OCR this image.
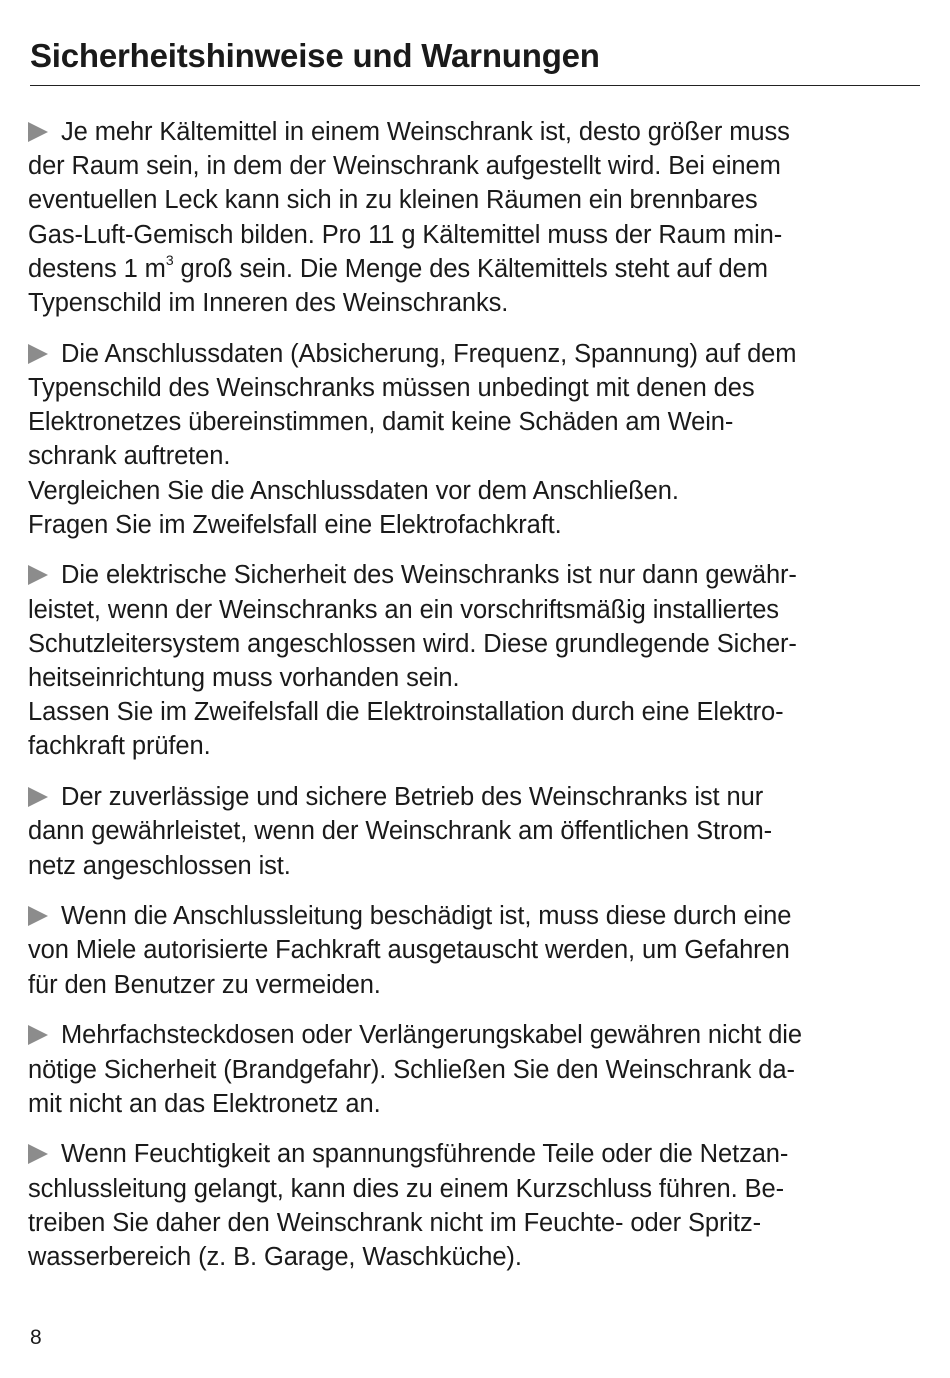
Sicherheitshinweise und Warnungen
Je mehr Kältemittel in einem Weinschrank ist, desto größer muss
der Raum sein, in dem der Weinschrank aufgestellt wird. Bei einem
eventuellen Leck kann sich in zu kleinen Räumen ein brennbares
Gas-Luft-Gemisch bilden. Pro 11 g Kältemittel muss der Raum min-
destens 1 $m^3$ groß sein. Die Menge des Kältemittels steht auf dem
Typenschild im Inneren des Weinschranks.
Die Anschlussdaten (Absicherung, Frequenz, Spannung) auf dem
Typenschild des Weinschranks müssen unbedingt mit denen des
Elektronetzes übereinstimmen, damit keine Schäden am Wein-
schrank auftreten.
Vergleichen Sie die Anschlussdaten vor dem Anschließen.
Fragen Sie im Zweifelsfall eine Elektrofachkraft.
Die elektrische Sicherheit des Weinschranks ist nur dann gewähr-
leistet, wenn der Weinschranks an ein vorschriftsmäßig installiertes
Schutzleitersystem angeschlossen wird. Diese grundlegende Sicher-
heitseinrichtung muss vorhanden sein.
Lassen Sie im Zweifelsfall die Elektroinstallation durch eine Elektro-
fachkraft prüfen.
Der zuverlässige und sichere Betrieb des Weinschranks ist nur
dann gewährleistet, wenn der Weinschrank am öffentlichen Strom-
netz angeschlossen ist.
Wenn die Anschlussleitung beschädigt ist, muss diese durch eine
von Miele autorisierte Fachkraft ausgetauscht werden, um Gefahren
für den Benutzer zu vermeiden.
Mehrfachsteckdosen oder Verlängerungskabel gewähren nicht die
nötige Sicherheit (Brandgefahr). Schließen Sie den Weinschrank da-
mit nicht an das Elektronetz an.
Wenn Feuchtigkeit an spannungsführende Teile oder die Netzan-
schlussleitung gelangt, kann dies zu einem Kurzschluss führen. Be-
treiben Sie daher den Weinschrank nicht im Feuchte- oder Spritz-
wasserbereich (z. B. Garage, Waschküche).
8
